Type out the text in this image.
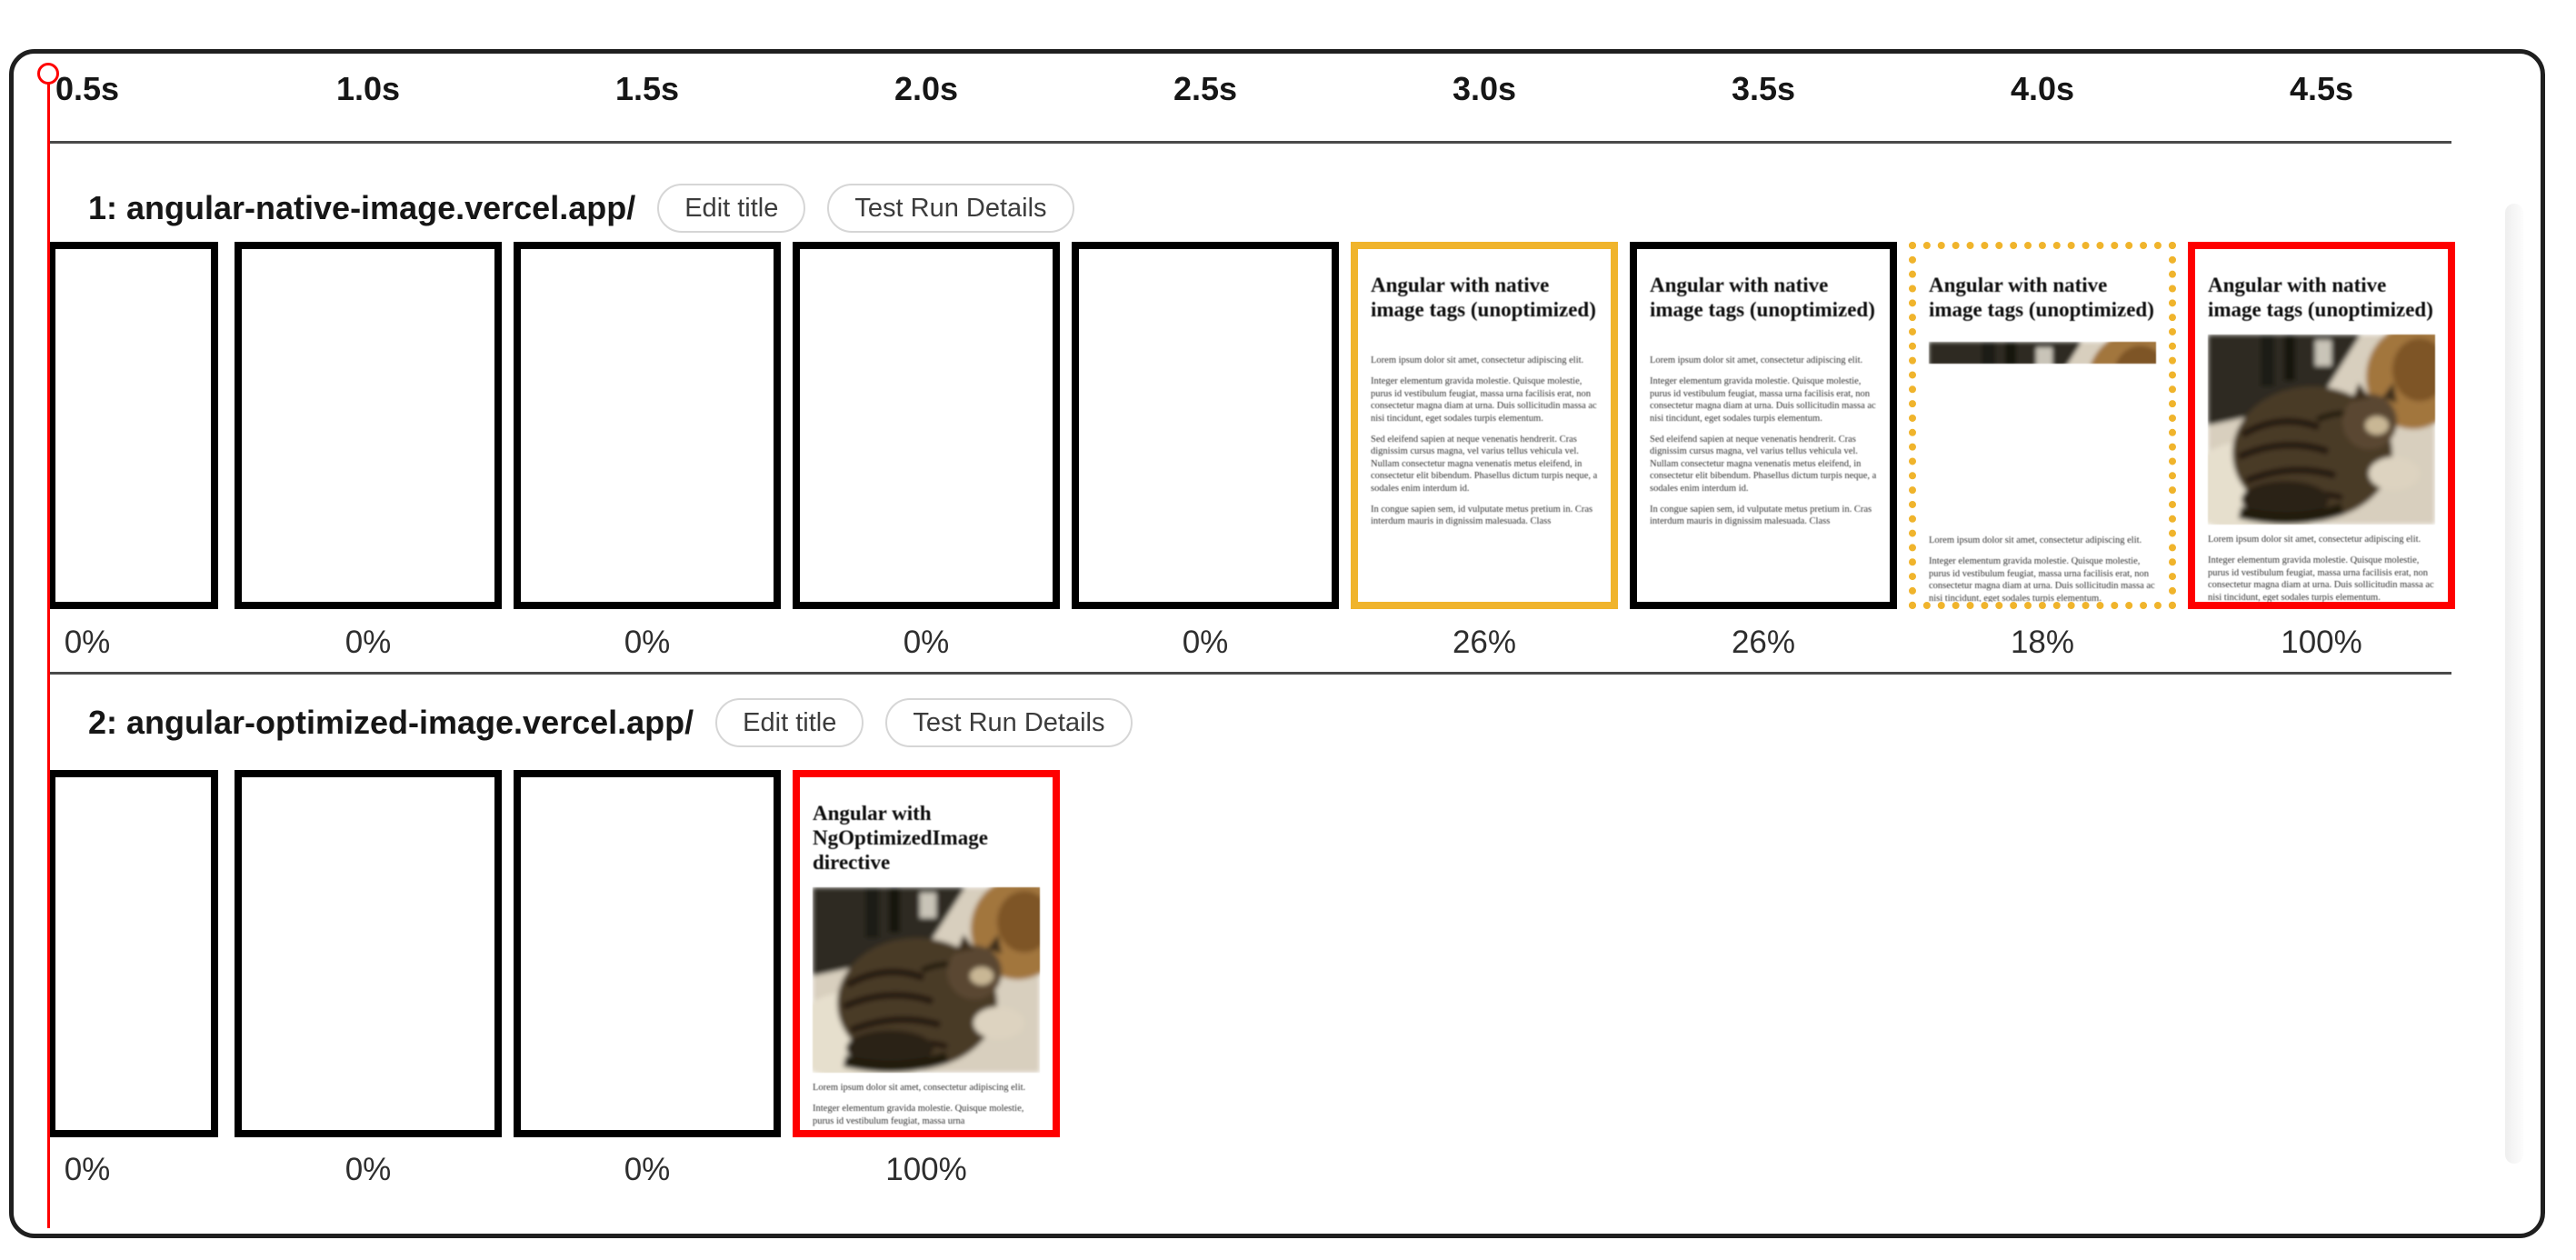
0.5s	1.0s	1.5s	2.0s	2.5s	3.0s	3.5s	4.0s	4.5s
1: angular-native-image.vercel.app/	Edit title	Test Run Details
Angular with native image tags (unoptimized)

Lorem ipsum dolor sit amet, consectetur adipiscing elit.

Integer elementum gravida molestie. Quisque molestie, purus id vestibulum feugiat, massa urna facilisis erat, non consectetur magna diam at urna. Duis sollicitudin massa ac nisi tincidunt, eget sodales turpis elementum.

Sed eleifend sapien at neque venenatis hendrerit. Cras dignissim cursus magna, vel varius tellus vehicula vel. Nullam consectetur magna venenatis metus eleifend, in consectetur elit bibendum. Phasellus dictum turpis neque, a sodales enim interdum id.

In congue sapien sem, id vulputate metus pretium in. Cras interdum mauris in dignissim malesuada. Class

Angular with native image tags (unoptimized)

Lorem ipsum dolor sit amet, consectetur adipiscing elit.

Integer elementum gravida molestie. Quisque molestie, purus id vestibulum feugiat, massa urna facilisis erat, non consectetur magna diam at urna. Duis sollicitudin massa ac nisi tincidunt, eget sodales turpis elementum.

Sed eleifend sapien at neque venenatis hendrerit. Cras dignissim cursus magna, vel varius tellus vehicula vel. Nullam consectetur magna venenatis metus eleifend, in consectetur elit bibendum. Phasellus dictum turpis neque, a sodales enim interdum id.

In congue sapien sem, id vulputate metus pretium in. Cras interdum mauris in dignissim malesuada. Class

Angular with native image tags (unoptimized)

Lorem ipsum dolor sit amet, consectetur adipiscing elit.

Integer elementum gravida molestie. Quisque molestie, purus id vestibulum feugiat, massa urna facilisis erat, non consectetur magna diam at urna. Duis sollicitudin massa ac nisi tincidunt, eget sodales turpis elementum.

Angular with native image tags (unoptimized)

Lorem ipsum dolor sit amet, consectetur adipiscing elit.

Integer elementum gravida molestie. Quisque molestie, purus id vestibulum feugiat, massa urna facilisis erat, non consectetur magna diam at urna. Duis sollicitudin massa ac nisi tincidunt, eget sodales turpis elementum.

0%	0%	0%	0%	0%	26%	26%	18%	100%
2: angular-optimized-image.vercel.app/	Edit title	Test Run Details
Angular with NgOptimizedImage directive

Lorem ipsum dolor sit amet, consectetur adipiscing elit.

Integer elementum gravida molestie. Quisque molestie, purus id vestibulum feugiat, massa urna

0%	0%	0%	100%
